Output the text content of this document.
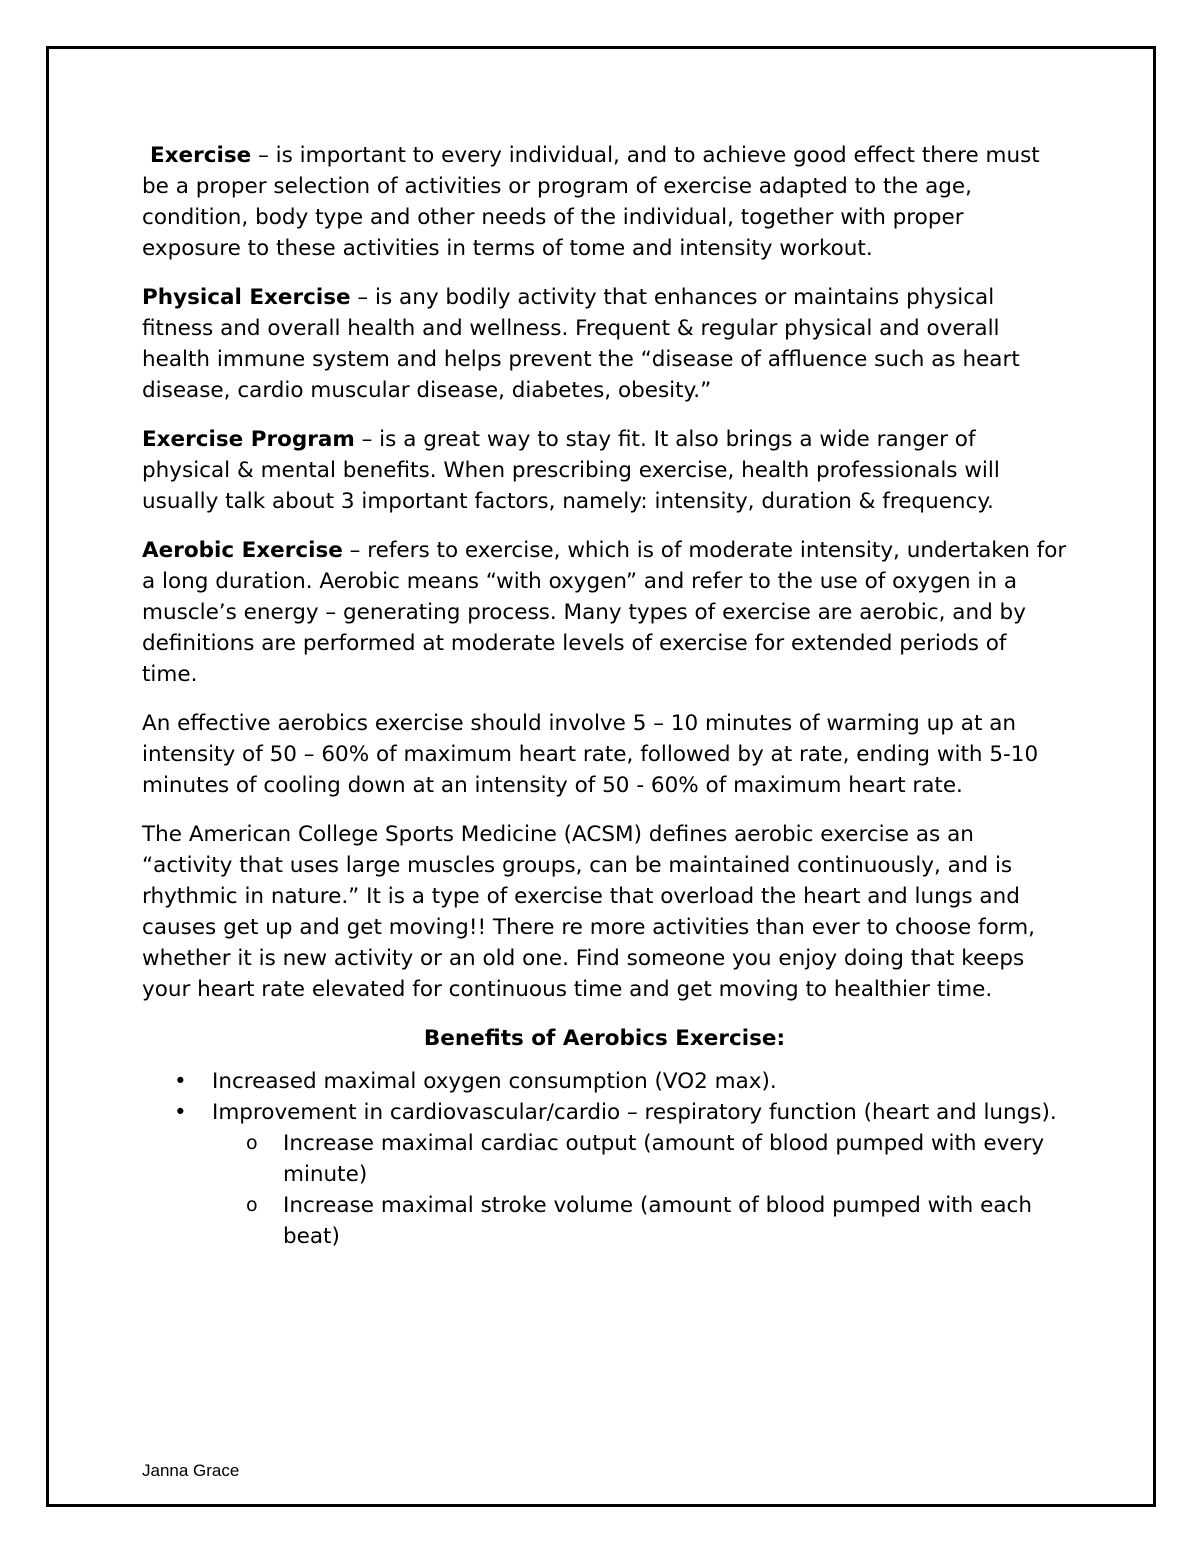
Exercise – is important to every individual, and to achieve good effect there must be a proper selection of activities or program of exercise adapted to the age, condition, body type and other needs of the individual, together with proper exposure to these activities in terms of tome and intensity workout.

Physical Exercise – is any bodily activity that enhances or maintains physical fitness and overall health and wellness. Frequent & regular physical and overall health immune system and helps prevent the “disease of affluence such as heart disease, cardio muscular disease, diabetes, obesity.”

Exercise Program – is a great way to stay fit. It also brings a wide ranger of physical & mental benefits. When prescribing exercise, health professionals will usually talk about 3 important factors, namely: intensity, duration & frequency.

Aerobic Exercise – refers to exercise, which is of moderate intensity, undertaken for a long duration. Aerobic means “with oxygen” and refer to the use of oxygen in a muscle’s energy – generating process. Many types of exercise are aerobic, and by definitions are performed at moderate levels of exercise for extended periods of time.

An effective aerobics exercise should involve 5 – 10 minutes of warming up at an intensity of 50 – 60% of maximum heart rate, followed by at rate, ending with 5-10 minutes of cooling down at an intensity of 50 - 60% of maximum heart rate.

The American College Sports Medicine (ACSM) defines aerobic exercise as an “activity that uses large muscles groups, can be maintained continuously, and is rhythmic in nature.” It is a type of exercise that overload the heart and lungs and causes get up and get moving!! There re more activities than ever to choose form, whether it is new activity or an old one. Find someone you enjoy doing that keeps your heart rate elevated for continuous time and get moving to healthier time.

Benefits of Aerobics Exercise:
• Increased maximal oxygen consumption (VO2 max).
• Improvement in cardiovascular/cardio – respiratory function (heart and lungs).
o Increase maximal cardiac output (amount of blood pumped with every minute)
o Increase maximal stroke volume (amount of blood pumped with each beat)
Janna Grace
